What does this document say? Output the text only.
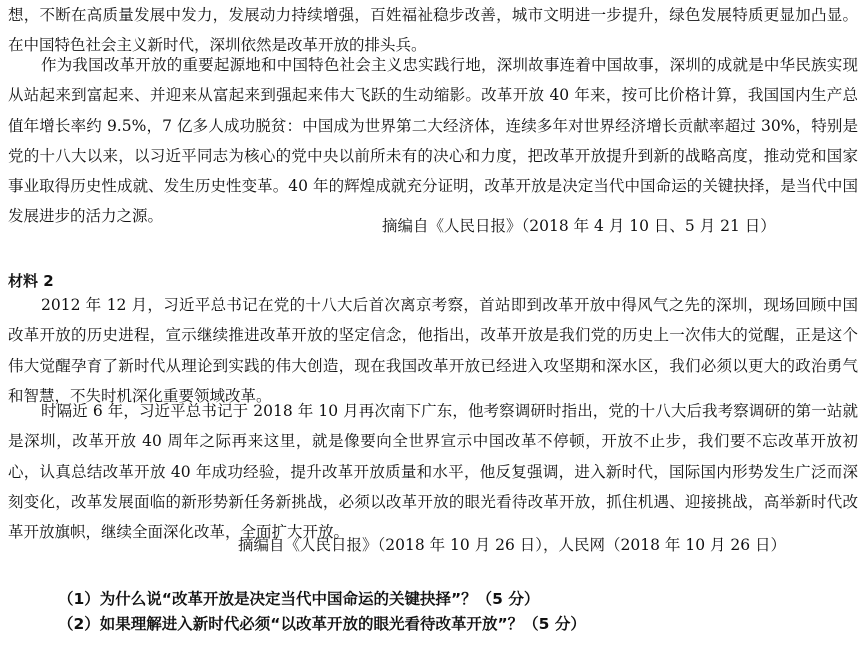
想，不断在高质量发展中发力，发展动力持续增强，百姓福祉稳步改善，城市文明进一步提升，绿色发展特质更显加凸显。在中国特色社会主义新时代，深圳依然是改革开放的排头兵。

作为我国改革开放的重要起源地和中国特色社会主义忠实践行地，深圳故事连着中国故事，深圳的成就是中华民族实现从站起来到富起来、并迎来从富起来到强起来伟大飞跃的生动缩影。改革开放 40 年来，按可比价格计算，我国国内生产总值年增长率约 9.5%，7 亿多人成功脱贫：中国成为世界第二大经济体，连续多年对世界经济增长贡献率超过 30%，特别是党的十八大以来，以习近平同志为核心的党中央以前所未有的决心和力度，把改革开放提升到新的战略高度，推动党和国家事业取得历史性成就、发生历史性变革。40 年的辉煌成就充分证明，改革开放是决定当代中国命运的关键抉择，是当代中国发展进步的活力之源。

摘编自《人民日报》（2018 年 4 月 10 日、5 月 21 日）

材料 2

2012 年 12 月，习近平总书记在党的十八大后首次离京考察，首站即到改革开放中得风气之先的深圳，现场回顾中国改革开放的历史进程，宣示继续推进改革开放的坚定信念，他指出，改革开放是我们党的历史上一次伟大的觉醒，正是这个伟大觉醒孕育了新时代从理论到实践的伟大创造，现在我国改革开放已经进入攻坚期和深水区，我们必须以更大的政治勇气和智慧，不失时机深化重要领域改革。

时隔近 6 年，习近平总书记于 2018 年 10 月再次南下广东，他考察调研时指出，党的十八大后我考察调研的第一站就是深圳，改革开放 40 周年之际再来这里，就是像要向全世界宣示中国改革不停顿，开放不止步，我们要不忘改革开放初心，认真总结改革开放 40 年成功经验，提升改革开放质量和水平，他反复强调，进入新时代，国际国内形势发生广泛而深刻变化，改革发展面临的新形势新任务新挑战，必须以改革开放的眼光看待改革开放，抓住机遇、迎接挑战，高举新时代改革开放旗帜，继续全面深化改革，全面扩大开放。

摘编自《人民日报》（2018 年 10 月 26 日），人民网（2018 年 10 月 26 日）

（1）为什么说“改革开放是决定当代中国命运的关键抉择”？（5 分）

（2）如果理解进入新时代必须“以改革开放的眼光看待改革开放”？（5 分）
